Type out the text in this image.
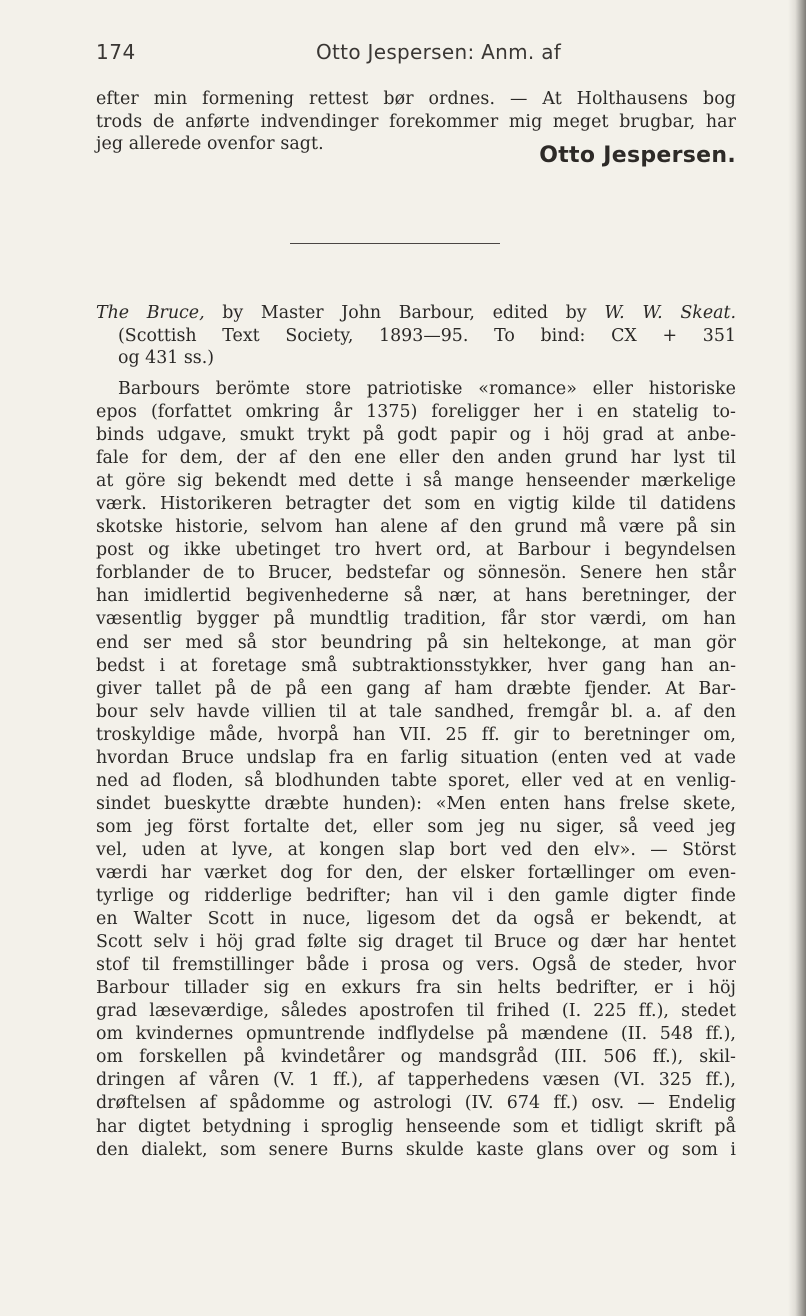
174	Otto Jespersen: Anm. af
efter min formening rettest bør ordnes. — At Holthausens bog
trods de anførte indvendinger forekommer mig meget brugbar, har
jeg allerede ovenfor sagt.	Otto Jespersen.
The Bruce, by Master John Barbour, edited by W. W. Skeat.
(Scottish Text Society, 1893—95. To bind: CX + 351
og 431 ss.)
Barbours berömte store patriotiske «romance» eller historiske
epos (forfattet omkring år 1375) foreligger her i en statelig to-
binds udgave, smukt trykt på godt papir og i höj grad at anbe-
fale for dem, der af den ene eller den anden grund har lyst til
at göre sig bekendt med dette i så mange henseender mærkelige
værk. Historikeren betragter det som en vigtig kilde til datidens
skotske historie, selvom han alene af den grund må være på sin
post og ikke ubetinget tro hvert ord, at Barbour i begyndelsen
forblander de to Brucer, bedstefar og sönnesön. Senere hen står
han imidlertid begivenhederne så nær, at hans beretninger, der
væsentlig bygger på mundtlig tradition, får stor værdi, om han
end ser med så stor beundring på sin heltekonge, at man gör
bedst i at foretage små subtraktionsstykker, hver gang han an-
giver tallet på de på een gang af ham dræbte fjender. At Bar-
bour selv havde villien til at tale sandhed, fremgår bl. a. af den
troskyldige måde, hvorpå han VII. 25 ff. gir to beretninger om,
hvordan Bruce undslap fra en farlig situation (enten ved at vade
ned ad floden, så blodhunden tabte sporet, eller ved at en venlig-
sindet bueskytte dræbte hunden): «Men enten hans frelse skete,
som jeg först fortalte det, eller som jeg nu siger, så veed jeg
vel, uden at lyve, at kongen slap bort ved den elv». — Störst
værdi har værket dog for den, der elsker fortællinger om even-
tyrlige og ridderlige bedrifter; han vil i den gamle digter finde
en Walter Scott in nuce, ligesom det da også er bekendt, at
Scott selv i höj grad følte sig draget til Bruce og dær har hentet
stof til fremstillinger både i prosa og vers. Også de steder, hvor
Barbour tillader sig en exkurs fra sin helts bedrifter, er i höj
grad læseværdige, således apostrofen til frihed (I. 225 ff.), stedet
om kvindernes opmuntrende indflydelse på mændene (II. 548 ff.),
om forskellen på kvindetårer og mandsgråd (III. 506 ff.), skil-
dringen af våren (V. 1 ff.), af tapperhedens væsen (VI. 325 ff.),
drøftelsen af spådomme og astrologi (IV. 674 ff.) osv. — Endelig
har digtet betydning i sproglig henseende som et tidligt skrift på
den dialekt, som senere Burns skulde kaste glans over og som i
